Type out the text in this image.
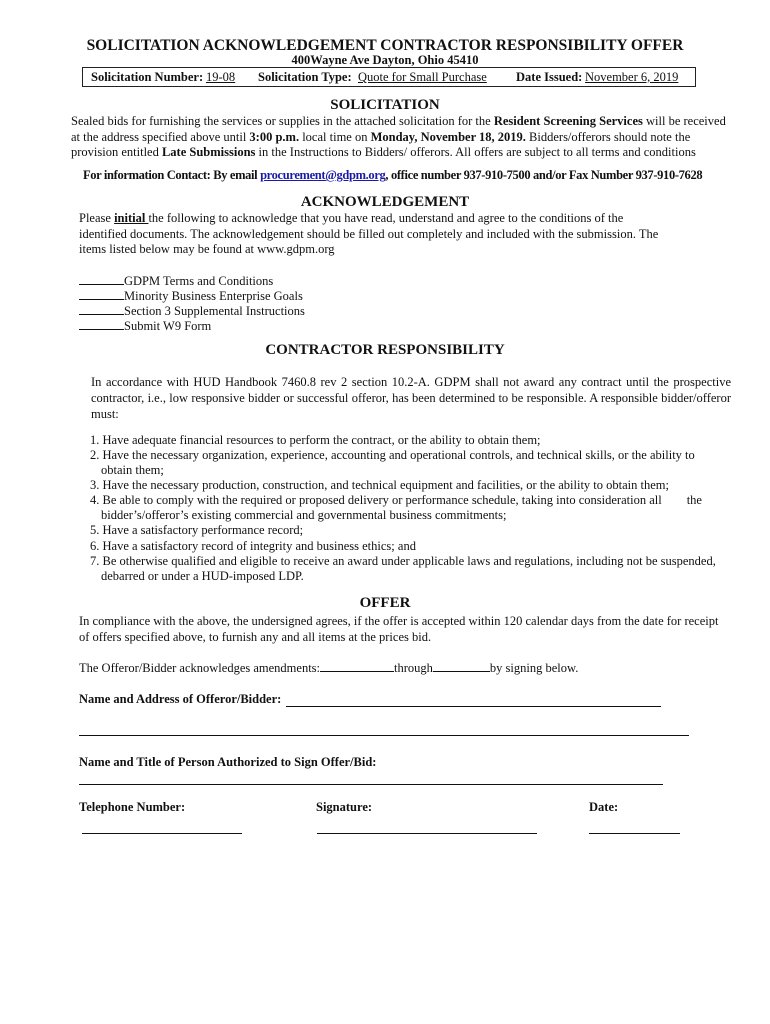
SOLICITATION ACKNOWLEDGEMENT CONTRACTOR RESPONSIBILITY OFFER
400Wayne Ave Dayton, Ohio 45410
Solicitation Number: 19-08 Solicitation Type: Quote for Small Purchase Date Issued: November 6, 2019
SOLICITATION
Sealed bids for furnishing the services or supplies in the attached solicitation for the Resident Screening Services will be received at the address specified above until 3:00 p.m. local time on Monday, November 18, 2019. Bidders/offerors should note the provision entitled Late Submissions in the Instructions to Bidders/ offerors. All offers are subject to all terms and conditions
For information Contact: By email procurement@gdpm.org, office number 937-910-7500 and/or Fax Number 937-910-7628
ACKNOWLEDGEMENT
Please initial the following to acknowledge that you have read, understand and agree to the conditions of the identified documents. The acknowledgement should be filled out completely and included with the submission. The items listed below may be found at www.gdpm.org
GDPM Terms and Conditions
Minority Business Enterprise Goals
Section 3 Supplemental Instructions
Submit W9 Form
CONTRACTOR RESPONSIBILITY
In accordance with HUD Handbook 7460.8 rev 2 section 10.2-A. GDPM shall not award any contract until the prospective contractor, i.e., low responsive bidder or successful offeror, has been determined to be responsible. A responsible bidder/offeror must:
1. Have adequate financial resources to perform the contract, or the ability to obtain them;
2. Have the necessary organization, experience, accounting and operational controls, and technical skills, or the ability to
obtain them;
3. Have the necessary production, construction, and technical equipment and facilities, or the ability to obtain them;
4. Be able to comply with the required or proposed delivery or performance schedule, taking into consideration all        the
bidder’s/offeror’s existing commercial and governmental business commitments;
5. Have a satisfactory performance record;
6. Have a satisfactory record of integrity and business ethics; and
7. Be otherwise qualified and eligible to receive an award under applicable laws and regulations, including not be suspended,
debarred or under a HUD-imposed LDP.
OFFER
In compliance with the above, the undersigned agrees, if the offer is accepted within 120 calendar days from the date for receipt of offers specified above, to furnish any and all items at the prices bid.
The Offeror/Bidder acknowledges amendments:	through	by signing below.
Name and Address of Offeror/Bidder:
Name and Title of Person Authorized to Sign Offer/Bid:
Telephone Number:	Signature:	Date:
